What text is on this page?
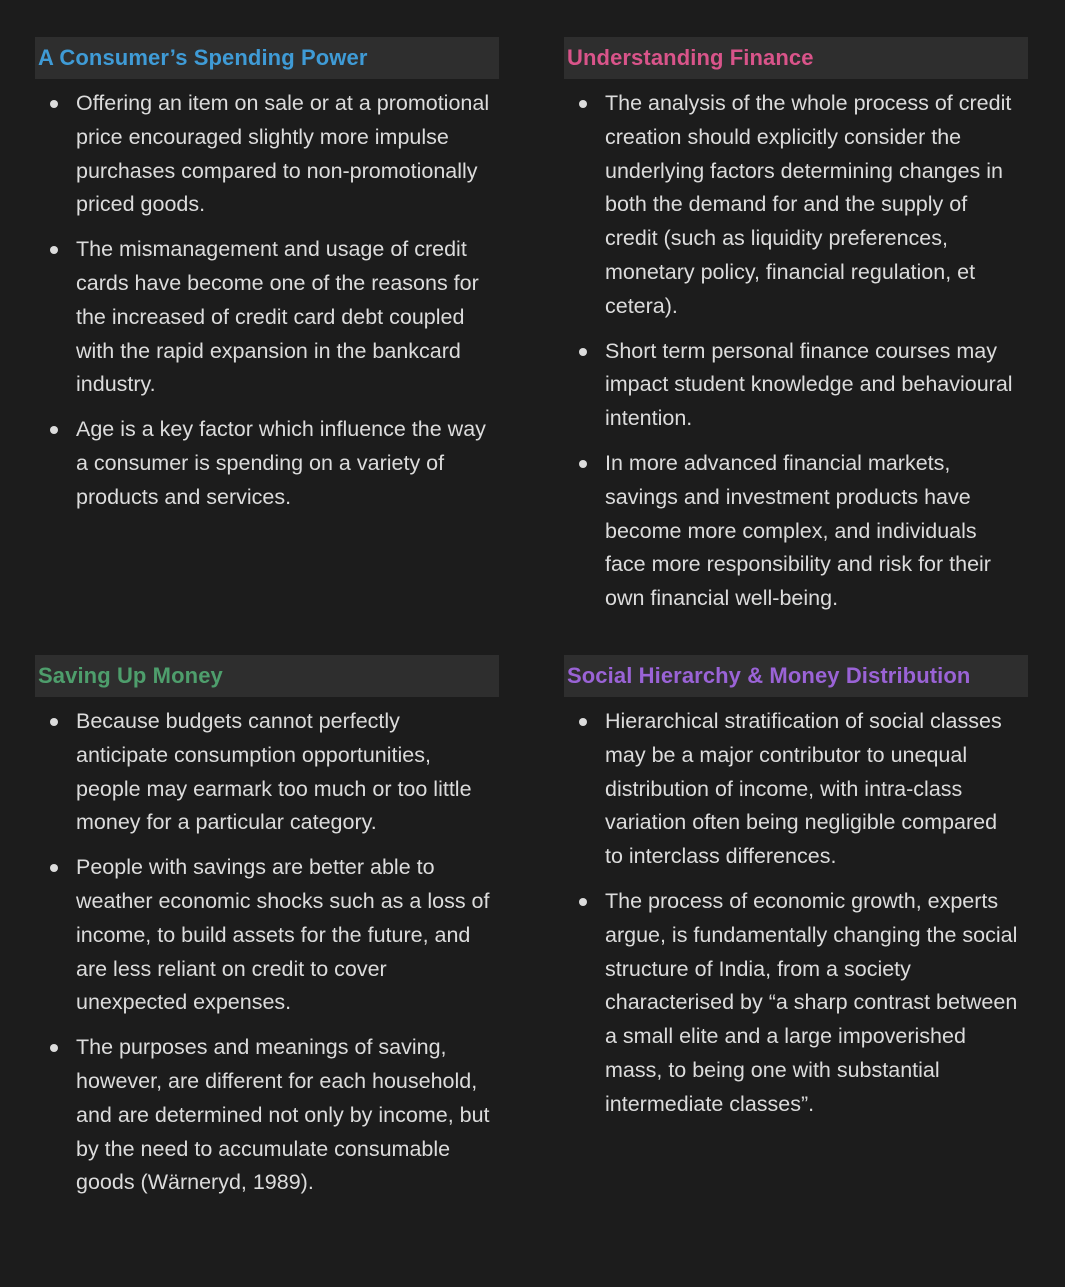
A Consumer’s Spending Power
Offering an item on sale or at a promotional price encouraged slightly more impulse purchases compared to non-promotionally priced goods.
The mismanagement and usage of credit cards have become one of the reasons for the increased of credit card debt coupled with the rapid expansion in the bankcard industry.
Age is a key factor which influence the way a consumer is spending on a variety of products and services.
Understanding Finance
The analysis of the whole process of credit creation should explicitly consider the underlying factors determining changes in both the demand for and the supply of credit (such as liquidity preferences, monetary policy, financial regulation, et cetera).
Short term personal finance courses may impact student knowledge and behavioural intention.
In more advanced financial markets, savings and investment products have become more complex, and individuals face more responsibility and risk for their own financial well-being.
Saving Up Money
Because budgets cannot perfectly anticipate consumption opportunities, people may earmark too much or too little money for a particular category.
People with savings are better able to weather economic shocks such as a loss of income, to build assets for the future, and are less reliant on credit to cover unexpected expenses.
The purposes and meanings of saving, however, are different for each household, and are determined not only by income, but by the need to accumulate consumable goods (Wärneryd, 1989).
Social Hierarchy & Money Distribution
Hierarchical stratification of social classes may be a major contributor to unequal distribution of income, with intra-class variation often being negligible compared to interclass differences.
The process of economic growth, experts argue, is fundamentally changing the social structure of India, from a society characterised by “a sharp contrast between a small elite and a large impoverished mass, to being one with substantial intermediate classes”.
